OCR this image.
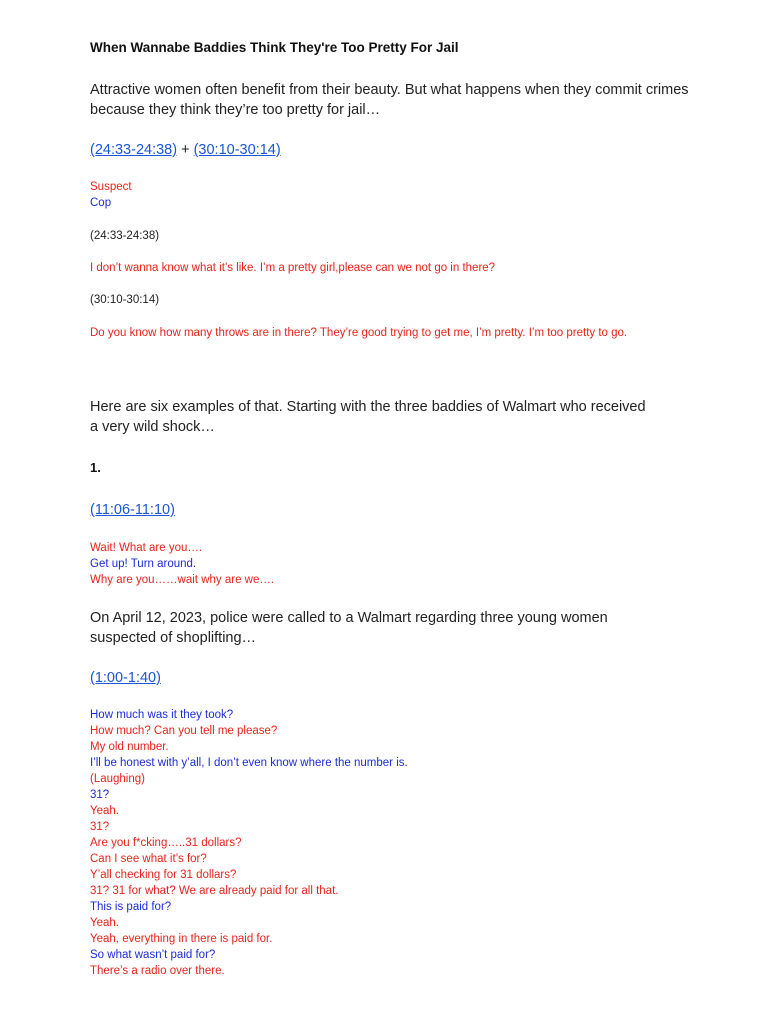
When Wannabe Baddies Think They're Too Pretty For Jail
Attractive women often benefit from their beauty. But what happens when they commit crimes because they think they’re too pretty for jail…
(24:33-24:38) + (30:10-30:14)
Suspect
Cop
(24:33-24:38)
I don’t wanna know what it’s like. I’m a pretty girl,please can we not go in there?
(30:10-30:14)
Do you know how many throws are in there? They’re good trying to get me, I’m pretty. I’m too pretty to go.
Here are six examples of that. Starting with the three baddies of Walmart who received a very wild shock…
1.
(11:06-11:10)
Wait! What are you….
Get up! Turn around.
Why are you……wait why are we….
On April 12, 2023, police were called to a Walmart regarding three young women suspected of shoplifting…
(1:00-1:40)
How much was it they took?
How much? Can you tell me please?
My old number.
I’ll be honest with y’all, I don’t even know where the number is.
(Laughing)
31?
Yeah.
31?
Are you f*cking…..31 dollars?
Can I see what it’s for?
Y’all checking for 31 dollars?
31? 31 for what? We are already paid for all that.
This is paid for?
Yeah.
Yeah, everything in there is paid for.
So what wasn’t paid for?
There’s a radio over there.
